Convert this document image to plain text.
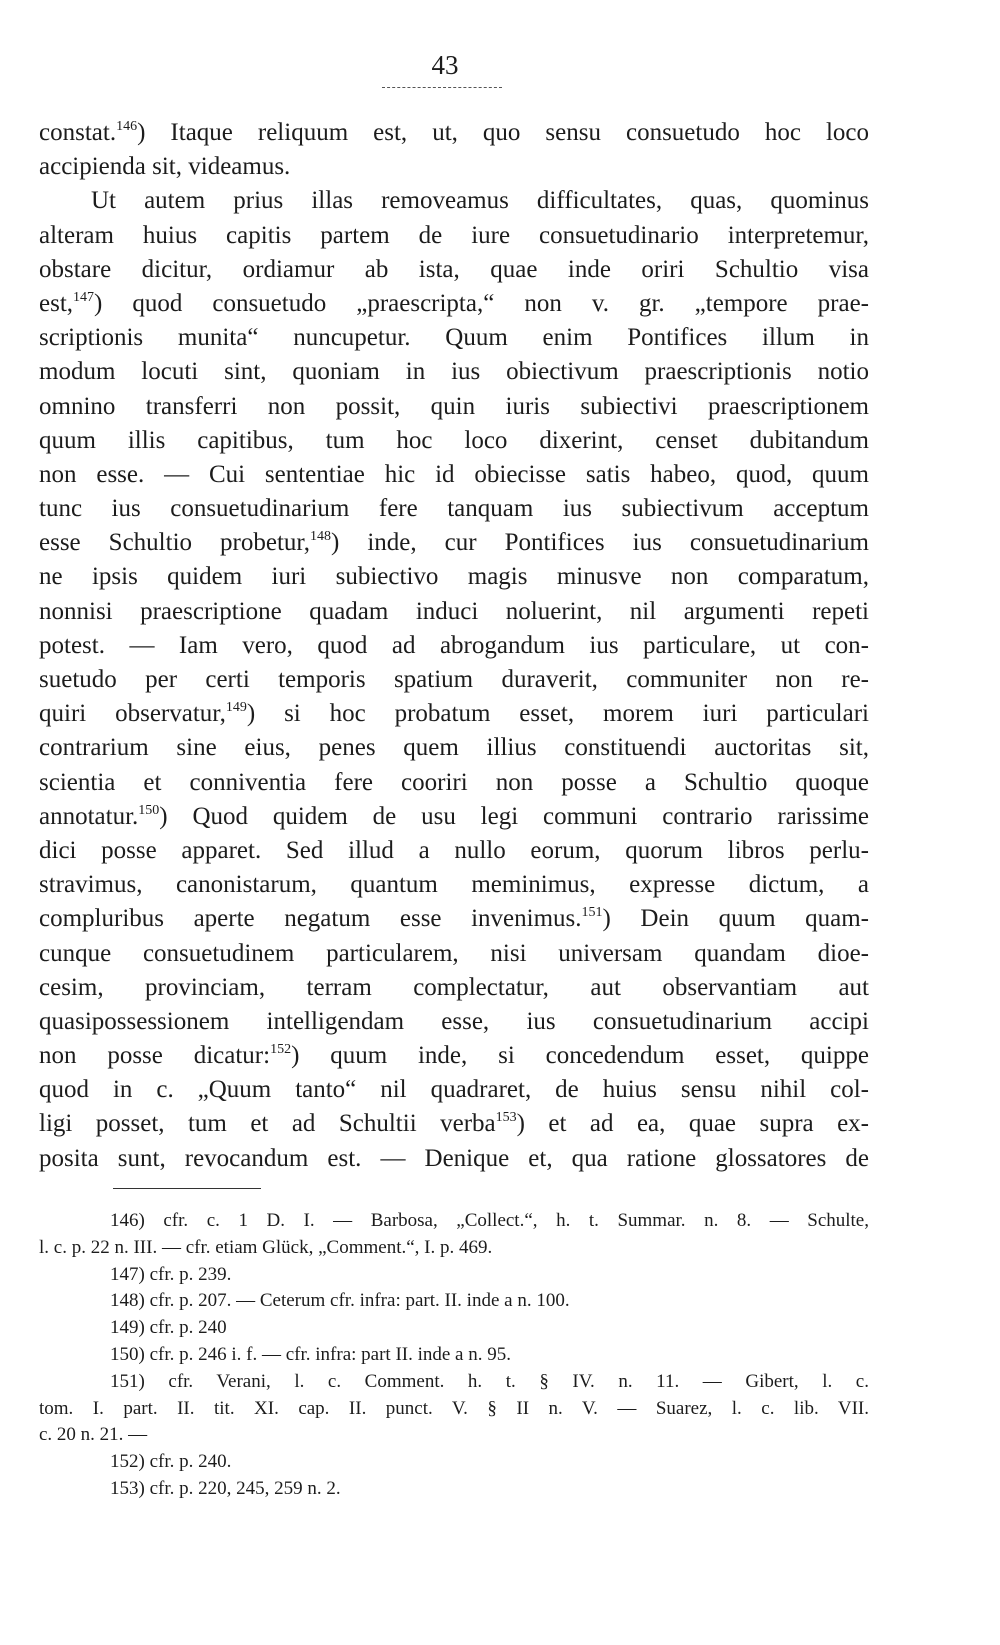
43
constat.$^{146}$) Itaque reliquum est, ut, quo sensu consuetudo hoc loco
accipienda sit, videamus.
Ut autem prius illas removeamus difficultates, quas, quominus
alteram huius capitis partem de iure consuetudinario interpretemur,
obstare dicitur, ordiamur ab ista, quae inde oriri Schultio visa
est,$^{147}$) quod consuetudo „praescripta,“ non v. gr. „tempore prae-
scriptionis munita“ nuncupetur. Quum enim Pontifices illum in
modum locuti sint, quoniam in ius obiectivum praescriptionis notio
omnino transferri non possit, quin iuris subiectivi praescriptionem
quum illis capitibus, tum hoc loco dixerint, censet dubitandum
non esse. — Cui sententiae hic id obiecisse satis habeo, quod, quum
tunc ius consuetudinarium fere tanquam ius subiectivum acceptum
esse Schultio probetur,$^{148}$) inde, cur Pontifices ius consuetudinarium
ne ipsis quidem iuri subiectivo magis minusve non comparatum,
nonnisi praescriptione quadam induci noluerint, nil argumenti repeti
potest. — Iam vero, quod ad abrogandum ius particulare, ut con-
suetudo per certi temporis spatium duraverit, communiter non re-
quiri observatur,$^{149}$) si hoc probatum esset, morem iuri particulari
contrarium sine eius, penes quem illius constituendi auctoritas sit,
scientia et conniventia fere cooriri non posse a Schultio quoque
annotatur.$^{150}$) Quod quidem de usu legi communi contrario rarissime
dici posse apparet. Sed illud a nullo eorum, quorum libros perlu-
stravimus, canonistarum, quantum meminimus, expresse dictum, a
compluribus aperte negatum esse invenimus.$^{151}$) Dein quum quam-
cunque consuetudinem particularem, nisi universam quandam dioe-
cesim, provinciam, terram complectatur, aut observantiam aut
quasipossessionem intelligendam esse, ius consuetudinarium accipi
non posse dicatur:$^{152}$) quum inde, si concedendum esset, quippe
quod in c. „Quum tanto“ nil quadraret, de huius sensu nihil col-
ligi posset, tum et ad Schultii verba$^{153}$) et ad ea, quae supra ex-
posita sunt, revocandum est. — Denique et, qua ratione glossatores de
146) cfr. c. 1 D. I. — Barbosa, „Collect.“, h. t. Summar. n. 8. — Schulte,
l. c. p. 22 n. III. — cfr. etiam Glück, „Comment.“, I. p. 469.
147) cfr. p. 239.
148) cfr. p. 207. — Ceterum cfr. infra: part. II. inde a n. 100.
149) cfr. p. 240
150) cfr. p. 246 i. f. — cfr. infra: part II. inde a n. 95.
151) cfr. Verani, l. c. Comment. h. t. § IV. n. 11. — Gibert, l. c.
tom. I. part. II. tit. XI. cap. II. punct. V. § II n. V. — Suarez, l. c. lib. VII.
c. 20 n. 21. —
152) cfr. p. 240.
153) cfr. p. 220, 245, 259 n. 2.
